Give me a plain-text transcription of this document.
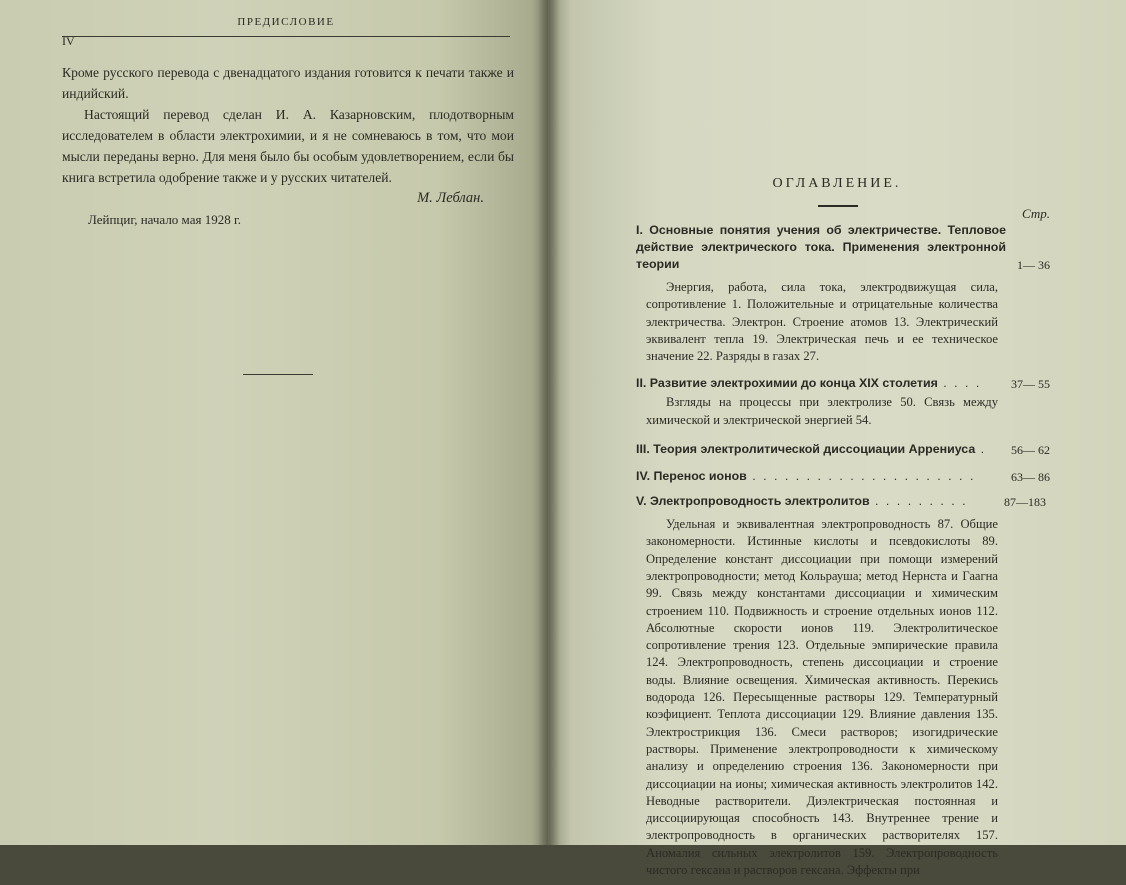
IV
ПРЕДИСЛОВИЕ

Кроме русского перевода с двенадцатого издания готовится к печати также и индийский.

Настоящий перевод сделан И. А. Казарновским, плодотворным исследователем в области электрохимии, и я не сомневаюсь в том, что мои мысли переданы верно. Для меня было бы особым удовлетворением, если бы книга встретила одобрение также и у русских читателей.

М. Леблан.

Лейпциг, начало мая 1928 г.

ОГЛАВЛЕНИЕ.
Стр.
I. Основные понятия учения об электричестве. Тепловое действие электрического тока. Применения электронной теории	1— 36
Энергия, работа, сила тока, электродвижущая сила, сопротивление 1. Положительные и отрицательные количества электричества. Электрон. Строение атомов 13. Электрический эквивалент тепла 19. Электрическая печь и ее техническое значение 22. Разряды в газах 27.
II. Развитие электрохимии до конца XIX столетия . . . .	37— 55
Взгляды на процессы при электролизе 50. Связь между химической и электрической энергией 54.
III. Теория электролитической диссоциации Аррениуса .	56— 62
IV. Перенос ионов . . . . . . . . . . . . . . . . . . . . .	63— 86
V. Электропроводность электролитов . . . . . . . . .	87—183
Удельная и эквивалентная электропроводность 87. Общие закономерности. Истинные кислоты и псевдокислоты 89. Определение констант диссоциации при помощи измерений электропроводности; метод Кольрауша; метод Нернста и Гаагна 99. Связь между константами диссоциации и химическим строением 110. Подвижность и строение отдельных ионов 112. Абсолютные скорости ионов 119. Электролитическое сопротивление трения 123. Отдельные эмпирические правила 124. Электропроводность, степень диссоциации и строение воды. Влияние освещения. Химическая активность. Перекись водорода 126. Пересыщенные растворы 129. Температурный коэфициент. Теплота диссоциации 129. Влияние давления 135. Электрострикция 136. Смеси растворов; изогидрические растворы. Применение электропроводности к химическому анализу и определению строения 136. Закономерности при диссоциации на ионы; химическая активность электролитов 142. Неводные растворители. Диэлектрическая постоянная и диссоциирующая способность 143. Внутреннее трение и электропроводность в органических растворителях 157. Аномалия сильных электролитов 159. Электропроводность чистого гексана и растворов гексана. Эффекты при
